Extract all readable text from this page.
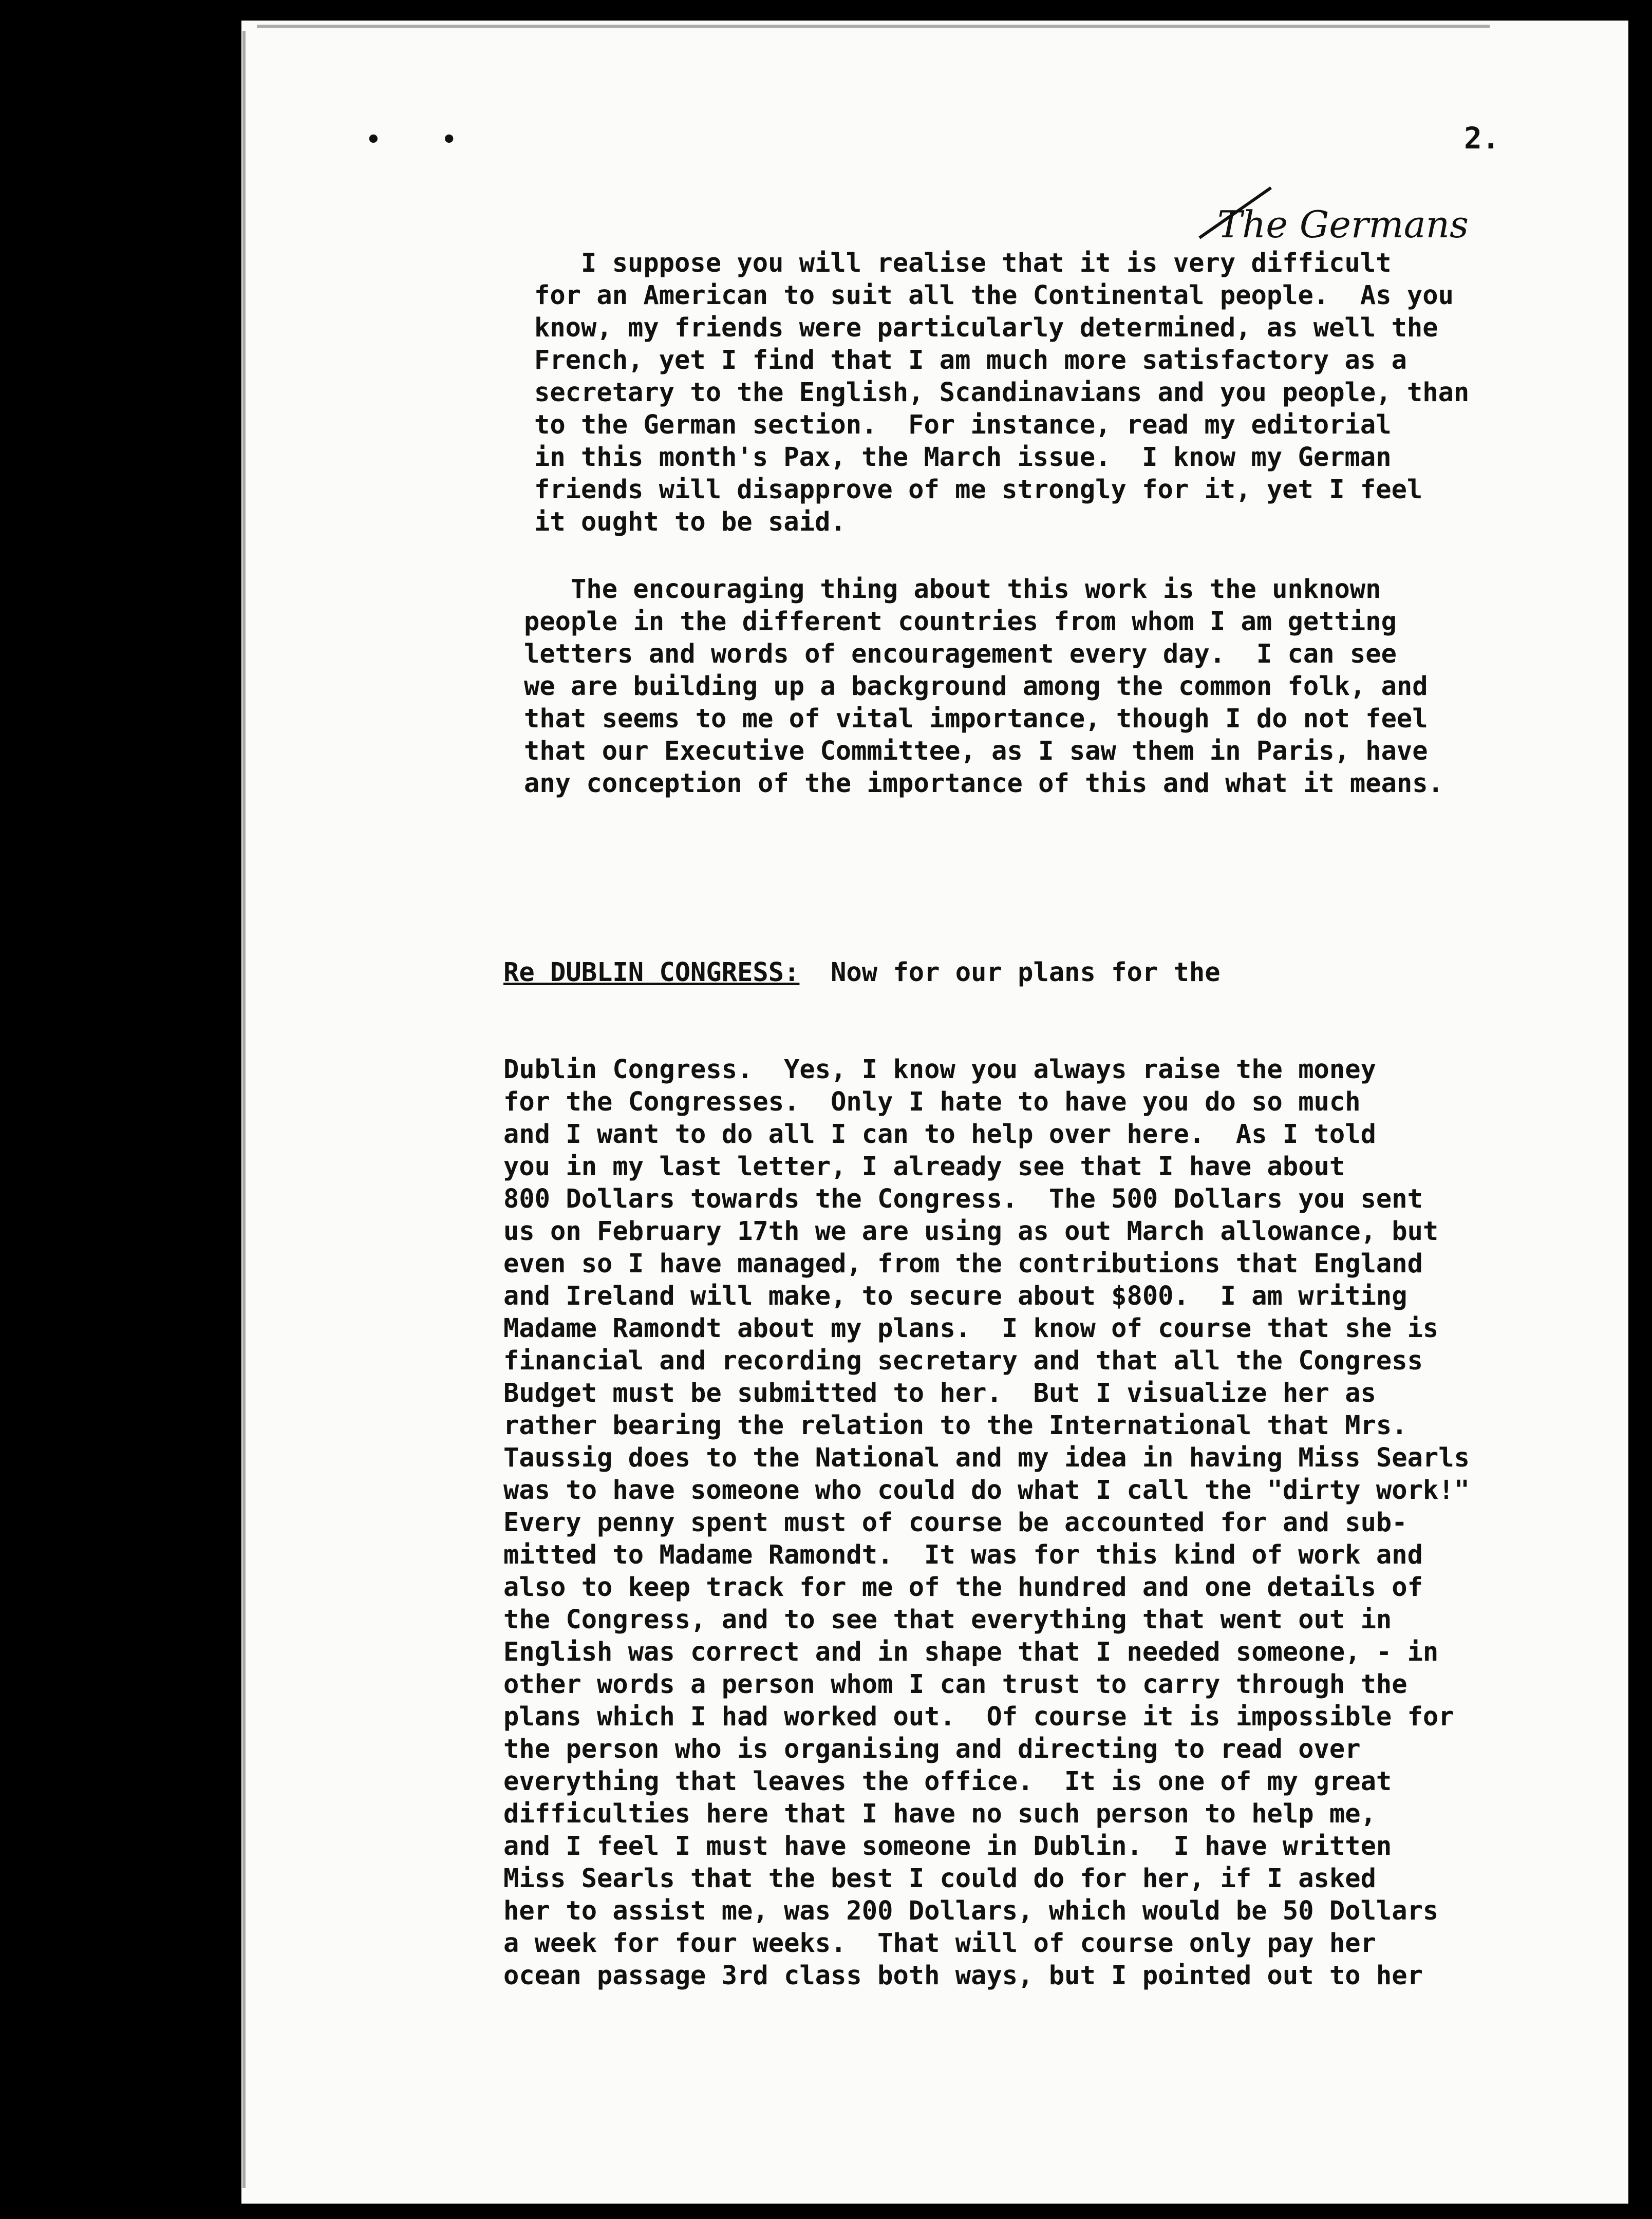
• •	2.
The Germans

I suppose you will realise that it is very difficult
for an American to suit all the Continental people.  As you
know, my friends were particularly determined, as well the
French, yet I find that I am much more satisfactory as a
secretary to the English, Scandinavians and you people, than
to the German section.  For instance, read my editorial
in this month's Pax, the March issue.  I know my German
friends will disapprove of me strongly for it, yet I feel
it ought to be said.

The encouraging thing about this work is the unknown
people in the different countries from whom I am getting
letters and words of encouragement every day.  I can see
we are building up a background among the common folk, and
that seems to me of vital importance, though I do not feel
that our Executive Committee, as I saw them in Paris, have
any conception of the importance of this and what it means.

Re DUBLIN CONGRESS:  Now for our plans for the

Dublin Congress.  Yes, I know you always raise the money
for the Congresses.  Only I hate to have you do so much
and I want to do all I can to help over here.  As I told
you in my last letter, I already see that I have about
800 Dollars towards the Congress.  The 500 Dollars you sent
us on February 17th we are using as out March allowance, but
even so I have managed, from the contributions that England
and Ireland will make, to secure about $800.  I am writing
Madame Ramondt about my plans.  I know of course that she is
financial and recording secretary and that all the Congress
Budget must be submitted to her.  But I visualize her as
rather bearing the relation to the International that Mrs.
Taussig does to the National and my idea in having Miss Searls
was to have someone who could do what I call the "dirty work!"
Every penny spent must of course be accounted for and sub-
mitted to Madame Ramondt.  It was for this kind of work and
also to keep track for me of the hundred and one details of
the Congress, and to see that everything that went out in
English was correct and in shape that I needed someone, - in
other words a person whom I can trust to carry through the
plans which I had worked out.  Of course it is impossible for
the person who is organising and directing to read over
everything that leaves the office.  It is one of my great
difficulties here that I have no such person to help me,
and I feel I must have someone in Dublin.  I have written
Miss Searls that the best I could do for her, if I asked
her to assist me, was 200 Dollars, which would be 50 Dollars
a week for four weeks.  That will of course only pay her
ocean passage 3rd class both ways, but I pointed out to her
